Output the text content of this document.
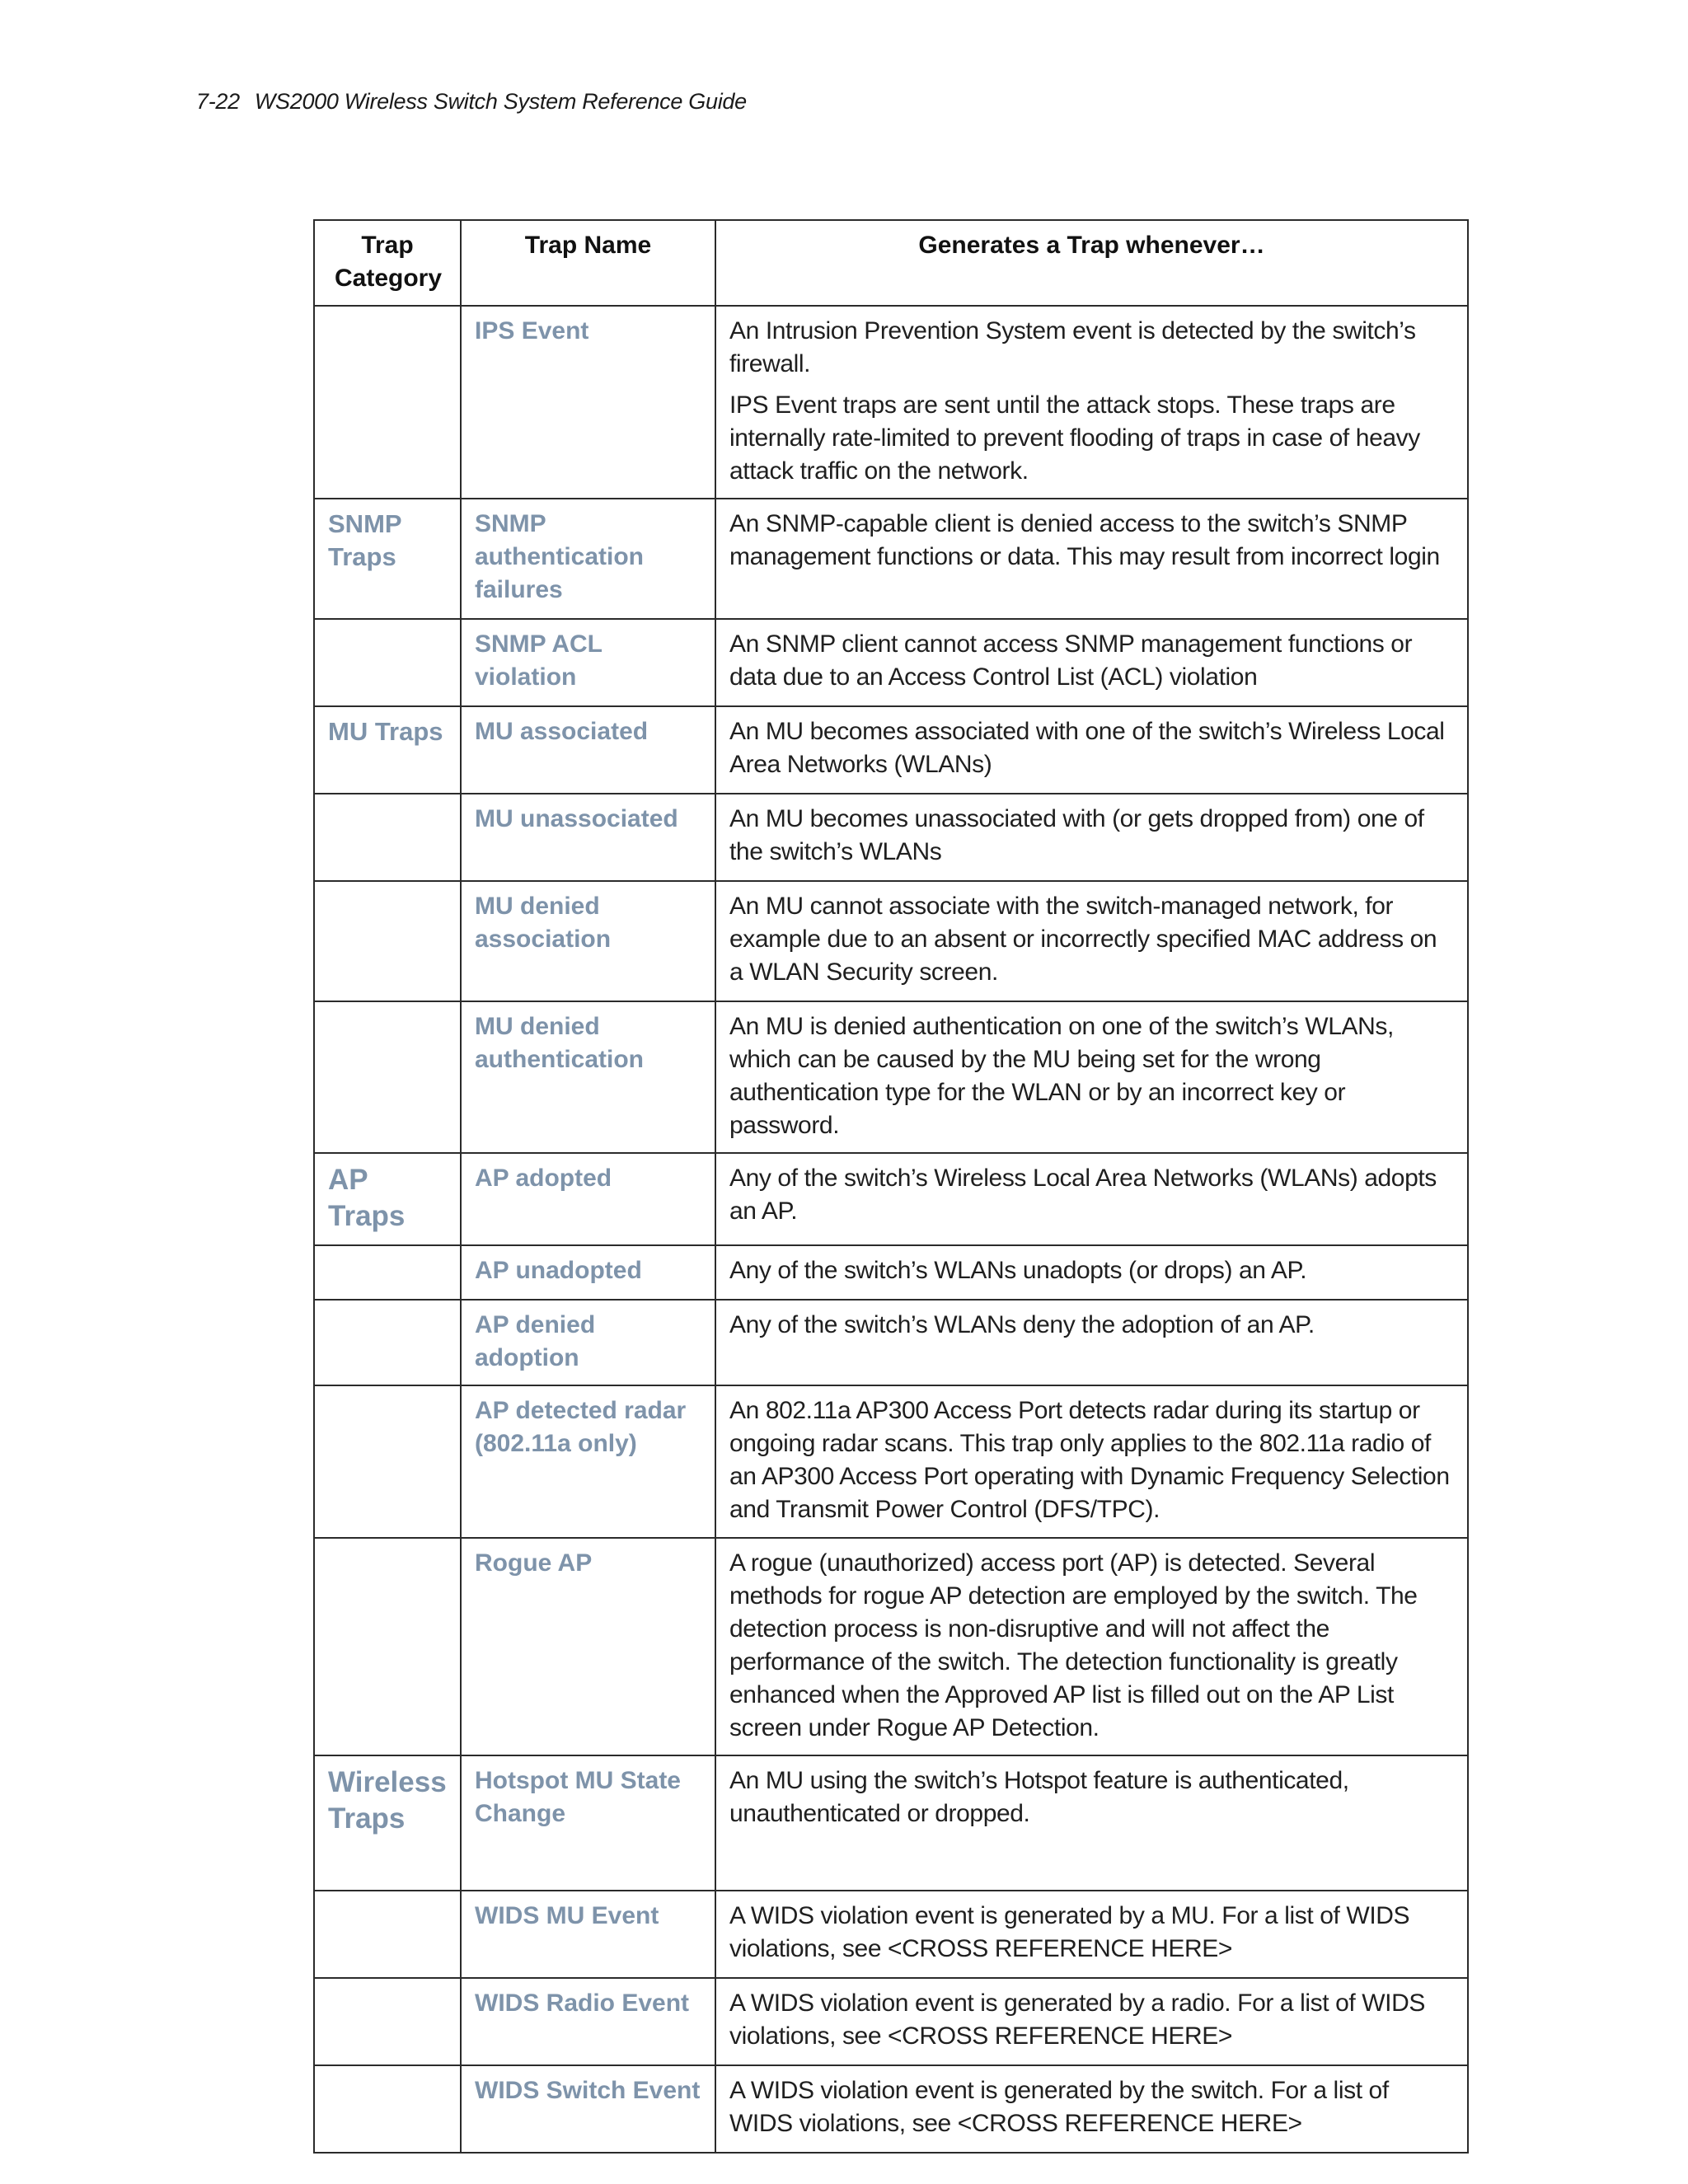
7-22 WS2000 Wireless Switch System Reference Guide
Trap Category	Trap Name	Generates a Trap whenever…
	IPS Event	An Intrusion Prevention System event is detected by the switch’s firewall.

IPS Event traps are sent until the attack stops. These traps are internally rate-limited to prevent flooding of traps in case of heavy attack traffic on the network.

SNMP Traps	SNMP authentication failures	An SNMP-capable client is denied access to the switch’s SNMP management functions or data. This may result from incorrect login
	SNMP ACL violation	An SNMP client cannot access SNMP management functions or data due to an Access Control List (ACL) violation
MU Traps	MU associated	An MU becomes associated with one of the switch’s Wireless Local Area Networks (WLANs)
	MU unassociated	An MU becomes unassociated with (or gets dropped from) one of the switch’s WLANs
	MU denied association	An MU cannot associate with the switch-managed network, for example due to an absent or incorrectly specified MAC address on a WLAN Security screen.
	MU denied authentication	An MU is denied authentication on one of the switch’s WLANs, which can be caused by the MU being set for the wrong authentication type for the WLAN or by an incorrect key or password.
AP Traps	AP adopted	Any of the switch’s Wireless Local Area Networks (WLANs) adopts an AP.
	AP unadopted	Any of the switch’s WLANs unadopts (or drops) an AP.
	AP denied adoption	Any of the switch’s WLANs deny the adoption of an AP.
	AP detected radar (802.11a only)	An 802.11a AP300 Access Port detects radar during its startup or ongoing radar scans. This trap only applies to the 802.11a radio of an AP300 Access Port operating with Dynamic Frequency Selection and Transmit Power Control (DFS/TPC).
	Rogue AP	A rogue (unauthorized) access port (AP) is detected. Several methods for rogue AP detection are employed by the switch. The detection process is non-disruptive and will not affect the performance of the switch. The detection functionality is greatly enhanced when the Approved AP list is filled out on the AP List screen under Rogue AP Detection.
Wireless Traps	Hotspot MU State Change	An MU using the switch’s Hotspot feature is authenticated, unauthenticated or dropped.
	WIDS MU Event	A WIDS violation event is generated by a MU. For a list of WIDS violations, see <CROSS REFERENCE HERE>
	WIDS Radio Event	A WIDS violation event is generated by a radio. For a list of WIDS violations, see <CROSS REFERENCE HERE>
	WIDS Switch Event	A WIDS violation event is generated by the switch. For a list of WIDS violations, see <CROSS REFERENCE HERE>
